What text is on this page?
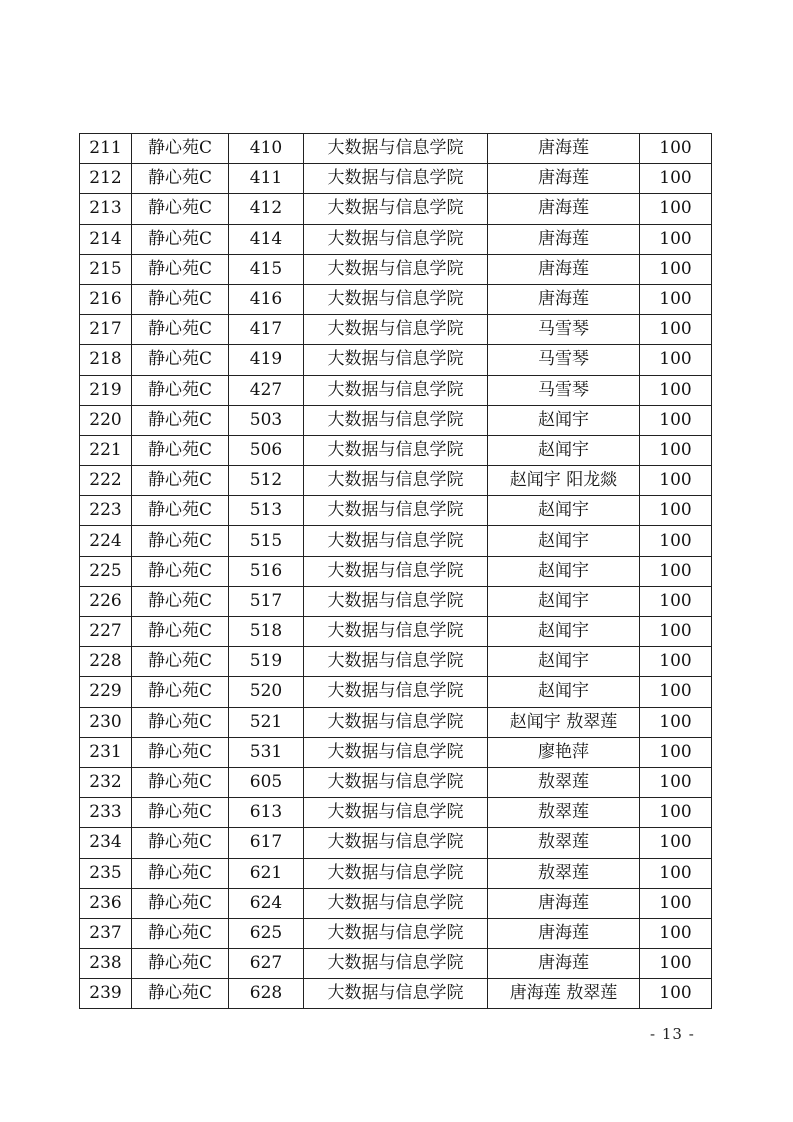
211	静心苑C	410	大数据与信息学院	唐海莲	100
212	静心苑C	411	大数据与信息学院	唐海莲	100
213	静心苑C	412	大数据与信息学院	唐海莲	100
214	静心苑C	414	大数据与信息学院	唐海莲	100
215	静心苑C	415	大数据与信息学院	唐海莲	100
216	静心苑C	416	大数据与信息学院	唐海莲	100
217	静心苑C	417	大数据与信息学院	马雪琴	100
218	静心苑C	419	大数据与信息学院	马雪琴	100
219	静心苑C	427	大数据与信息学院	马雪琴	100
220	静心苑C	503	大数据与信息学院	赵闻宇	100
221	静心苑C	506	大数据与信息学院	赵闻宇	100
222	静心苑C	512	大数据与信息学院	赵闻宇 阳龙燚	100
223	静心苑C	513	大数据与信息学院	赵闻宇	100
224	静心苑C	515	大数据与信息学院	赵闻宇	100
225	静心苑C	516	大数据与信息学院	赵闻宇	100
226	静心苑C	517	大数据与信息学院	赵闻宇	100
227	静心苑C	518	大数据与信息学院	赵闻宇	100
228	静心苑C	519	大数据与信息学院	赵闻宇	100
229	静心苑C	520	大数据与信息学院	赵闻宇	100
230	静心苑C	521	大数据与信息学院	赵闻宇 敖翠莲	100
231	静心苑C	531	大数据与信息学院	廖艳萍	100
232	静心苑C	605	大数据与信息学院	敖翠莲	100
233	静心苑C	613	大数据与信息学院	敖翠莲	100
234	静心苑C	617	大数据与信息学院	敖翠莲	100
235	静心苑C	621	大数据与信息学院	敖翠莲	100
236	静心苑C	624	大数据与信息学院	唐海莲	100
237	静心苑C	625	大数据与信息学院	唐海莲	100
238	静心苑C	627	大数据与信息学院	唐海莲	100
239	静心苑C	628	大数据与信息学院	唐海莲 敖翠莲	100
- 13 -
